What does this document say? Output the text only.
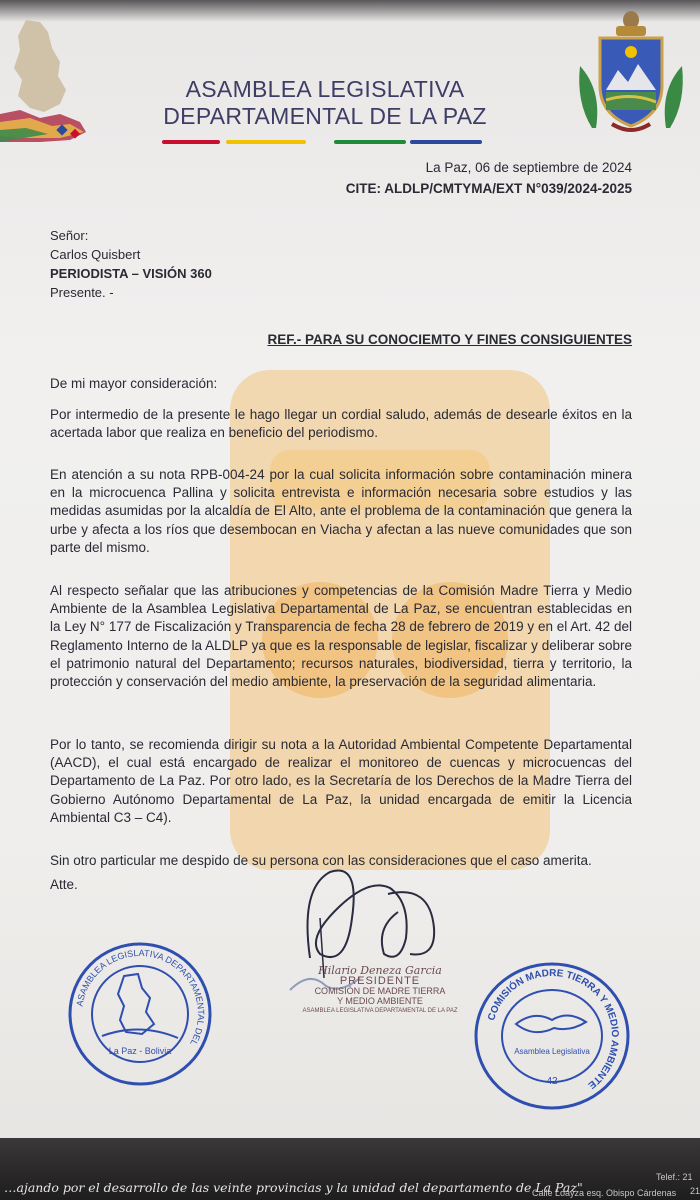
ASAMBLEA LEGISLATIVA
DEPARTAMENTAL DE LA PAZ
La Paz, 06 de septiembre de 2024
CITE: ALDLP/CMTYMA/EXT N°039/2024-2025
Señor:
Carlos Quisbert
PERIODISTA – VISIÓN 360
Presente. -
REF.- PARA SU CONOCIEMTO Y FINES CONSIGUIENTES
De mi mayor consideración:
Por intermedio de la presente le hago llegar un cordial saludo, además de desearle éxitos en la acertada labor que realiza en beneficio del periodismo.
En atención a su nota RPB-004-24 por la cual solicita información sobre contaminación minera en la microcuenca Pallina y solicita entrevista e información necesaria sobre estudios y las medidas asumidas por la alcaldía de El Alto, ante el problema de la contaminación que genera la urbe y afecta a los ríos que desembocan en Viacha y afectan a las nueve comunidades que son parte del mismo.
Al respecto señalar que las atribuciones y competencias de la Comisión Madre Tierra y Medio Ambiente de la Asamblea Legislativa Departamental de La Paz, se encuentran establecidas en la Ley N° 177 de Fiscalización y Transparencia de fecha 28 de febrero de 2019 y en el Art. 42 del Reglamento Interno de la ALDLP ya que es la responsable de legislar, fiscalizar y deliberar sobre el patrimonio natural del Departamento; recursos naturales, biodiversidad, tierra y territorio, la protección y conservación del medio ambiente, la preservación de la seguridad alimentaria.
Por lo tanto, se recomienda dirigir su nota a la Autoridad Ambiental Competente Departamental (AACD), el cual está encargado de realizar el monitoreo de cuencas y microcuencas del Departamento de La Paz. Por otro lado, es la Secretaría de los Derechos de la Madre Tierra del Gobierno Autónomo Departamental de La Paz, la unidad encargada de emitir la Licencia Ambiental C3 – C4).
Sin otro particular me despido de su persona con las consideraciones que el caso amerita.
Atte.
ASAMBLEA LEGISLATIVA DEPARTAMENTAL DEL
La Paz - Bolivia
Hilario Deneza Garcia
PRESIDENTE
COMISIÓN DE MADRE TIERRA
Y MEDIO AMBIENTE
ASAMBLEA LEGISLATIVA DEPARTAMENTAL DE LA PAZ
COMISIÓN MADRE TIERRA Y MEDIO AMBIENTE
Asamblea Legislativa
42
…ajando por el desarrollo de las veinte provincias y la unidad del departamento de La Paz"
Telef.: 21
21
Calle Loayza esq. Obispo Cárdenas
